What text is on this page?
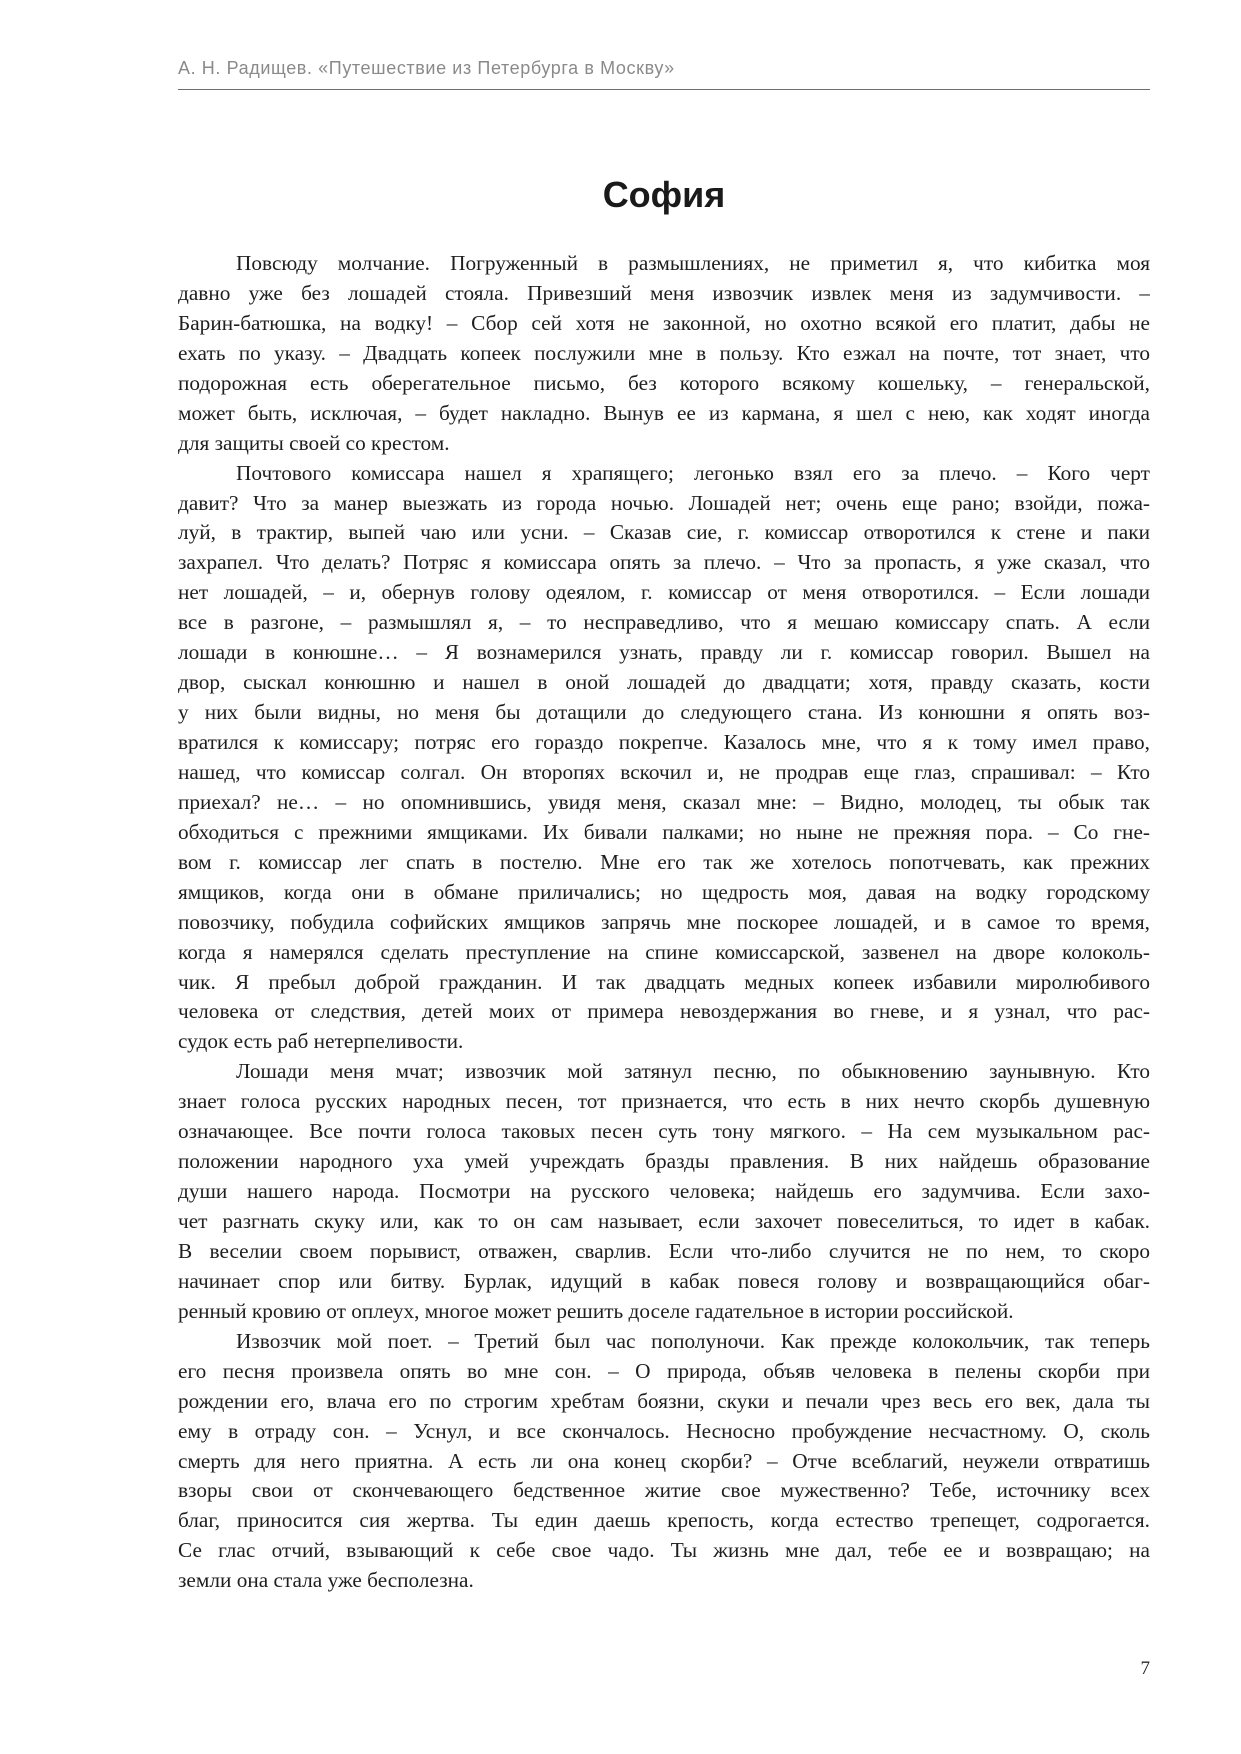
А. Н. Радищев. «Путешествие из Петербурга в Москву»
София
Повсюду молчание. Погруженный в размышлениях, не приметил я, что кибитка моя
давно уже без лошадей стояла. Привезший меня извозчик извлек меня из задумчивости. –
Барин-батюшка, на водку! – Сбор сей хотя не законной, но охотно всякой его платит, дабы не
ехать по указу. – Двадцать копеек послужили мне в пользу. Кто езжал на почте, тот знает, что
подорожная есть оберегательное письмо, без которого всякому кошельку, – генеральской,
может быть, исключая, – будет накладно. Вынув ее из кармана, я шел с нею, как ходят иногда
для защиты своей со крестом.
Почтового комиссара нашел я храпящего; легонько взял его за плечо. – Кого черт
давит? Что за манер выезжать из города ночью. Лошадей нет; очень еще рано; взойди, пожа-
луй, в трактир, выпей чаю или усни. – Сказав сие, г. комиссар отворотился к стене и паки
захрапел. Что делать? Потряс я комиссара опять за плечо. – Что за пропасть, я уже сказал, что
нет лошадей, – и, обернув голову одеялом, г. комиссар от меня отворотился. – Если лошади
все в разгоне, – размышлял я, – то несправедливо, что я мешаю комиссару спать. А если
лошади в конюшне… – Я вознамерился узнать, правду ли г. комиссар говорил. Вышел на
двор, сыскал конюшню и нашел в оной лошадей до двадцати; хотя, правду сказать, кости
у них были видны, но меня бы дотащили до следующего стана. Из конюшни я опять воз-
вратился к комиссару; потряс его гораздо покрепче. Казалось мне, что я к тому имел право,
нашед, что комиссар солгал. Он второпях вскочил и, не продрав еще глаз, спрашивал: – Кто
приехал? не… – но опомнившись, увидя меня, сказал мне: – Видно, молодец, ты обык так
обходиться с прежними ямщиками. Их бивали палками; но ныне не прежняя пора. – Со гне-
вом г. комиссар лег спать в постелю. Мне его так же хотелось попотчевать, как прежних
ямщиков, когда они в обмане приличались; но щедрость моя, давая на водку городскому
повозчику, побудила софийских ямщиков запрячь мне поскорее лошадей, и в самое то время,
когда я намерялся сделать преступление на спине комиссарской, зазвенел на дворе колоколь-
чик. Я пребыл доброй гражданин. И так двадцать медных копеек избавили миролюбивого
человека от следствия, детей моих от примера невоздержания во гневе, и я узнал, что рас-
судок есть раб нетерпеливости.
Лошади меня мчат; извозчик мой затянул песню, по обыкновению заунывную. Кто
знает голоса русских народных песен, тот признается, что есть в них нечто скорбь душевную
означающее. Все почти голоса таковых песен суть тону мягкого. – На сем музыкальном рас-
положении народного уха умей учреждать бразды правления. В них найдешь образование
души нашего народа. Посмотри на русского человека; найдешь его задумчива. Если захо-
чет разгнать скуку или, как то он сам называет, если захочет повеселиться, то идет в кабак.
В веселии своем порывист, отважен, сварлив. Если что-либо случится не по нем, то скоро
начинает спор или битву. Бурлак, идущий в кабак повеся голову и возвращающийся обаг-
ренный кровию от оплеух, многое может решить доселе гадательное в истории российской.
Извозчик мой поет. – Третий был час пополуночи. Как прежде колокольчик, так теперь
его песня произвела опять во мне сон. – О природа, объяв человека в пелены скорби при
рождении его, влача его по строгим хребтам боязни, скуки и печали чрез весь его век, дала ты
ему в отраду сон. – Уснул, и все скончалось. Несносно пробуждение несчастному. О, сколь
смерть для него приятна. А есть ли она конец скорби? – Отче всеблагий, неужели отвратишь
взоры свои от скончевающего бедственное житие свое мужественно? Тебе, источнику всех
благ, приносится сия жертва. Ты един даешь крепость, когда естество трепещет, содрогается.
Се глас отчий, взывающий к себе свое чадо. Ты жизнь мне дал, тебе ее и возвращаю; на
земли она стала уже бесполезна.
7
